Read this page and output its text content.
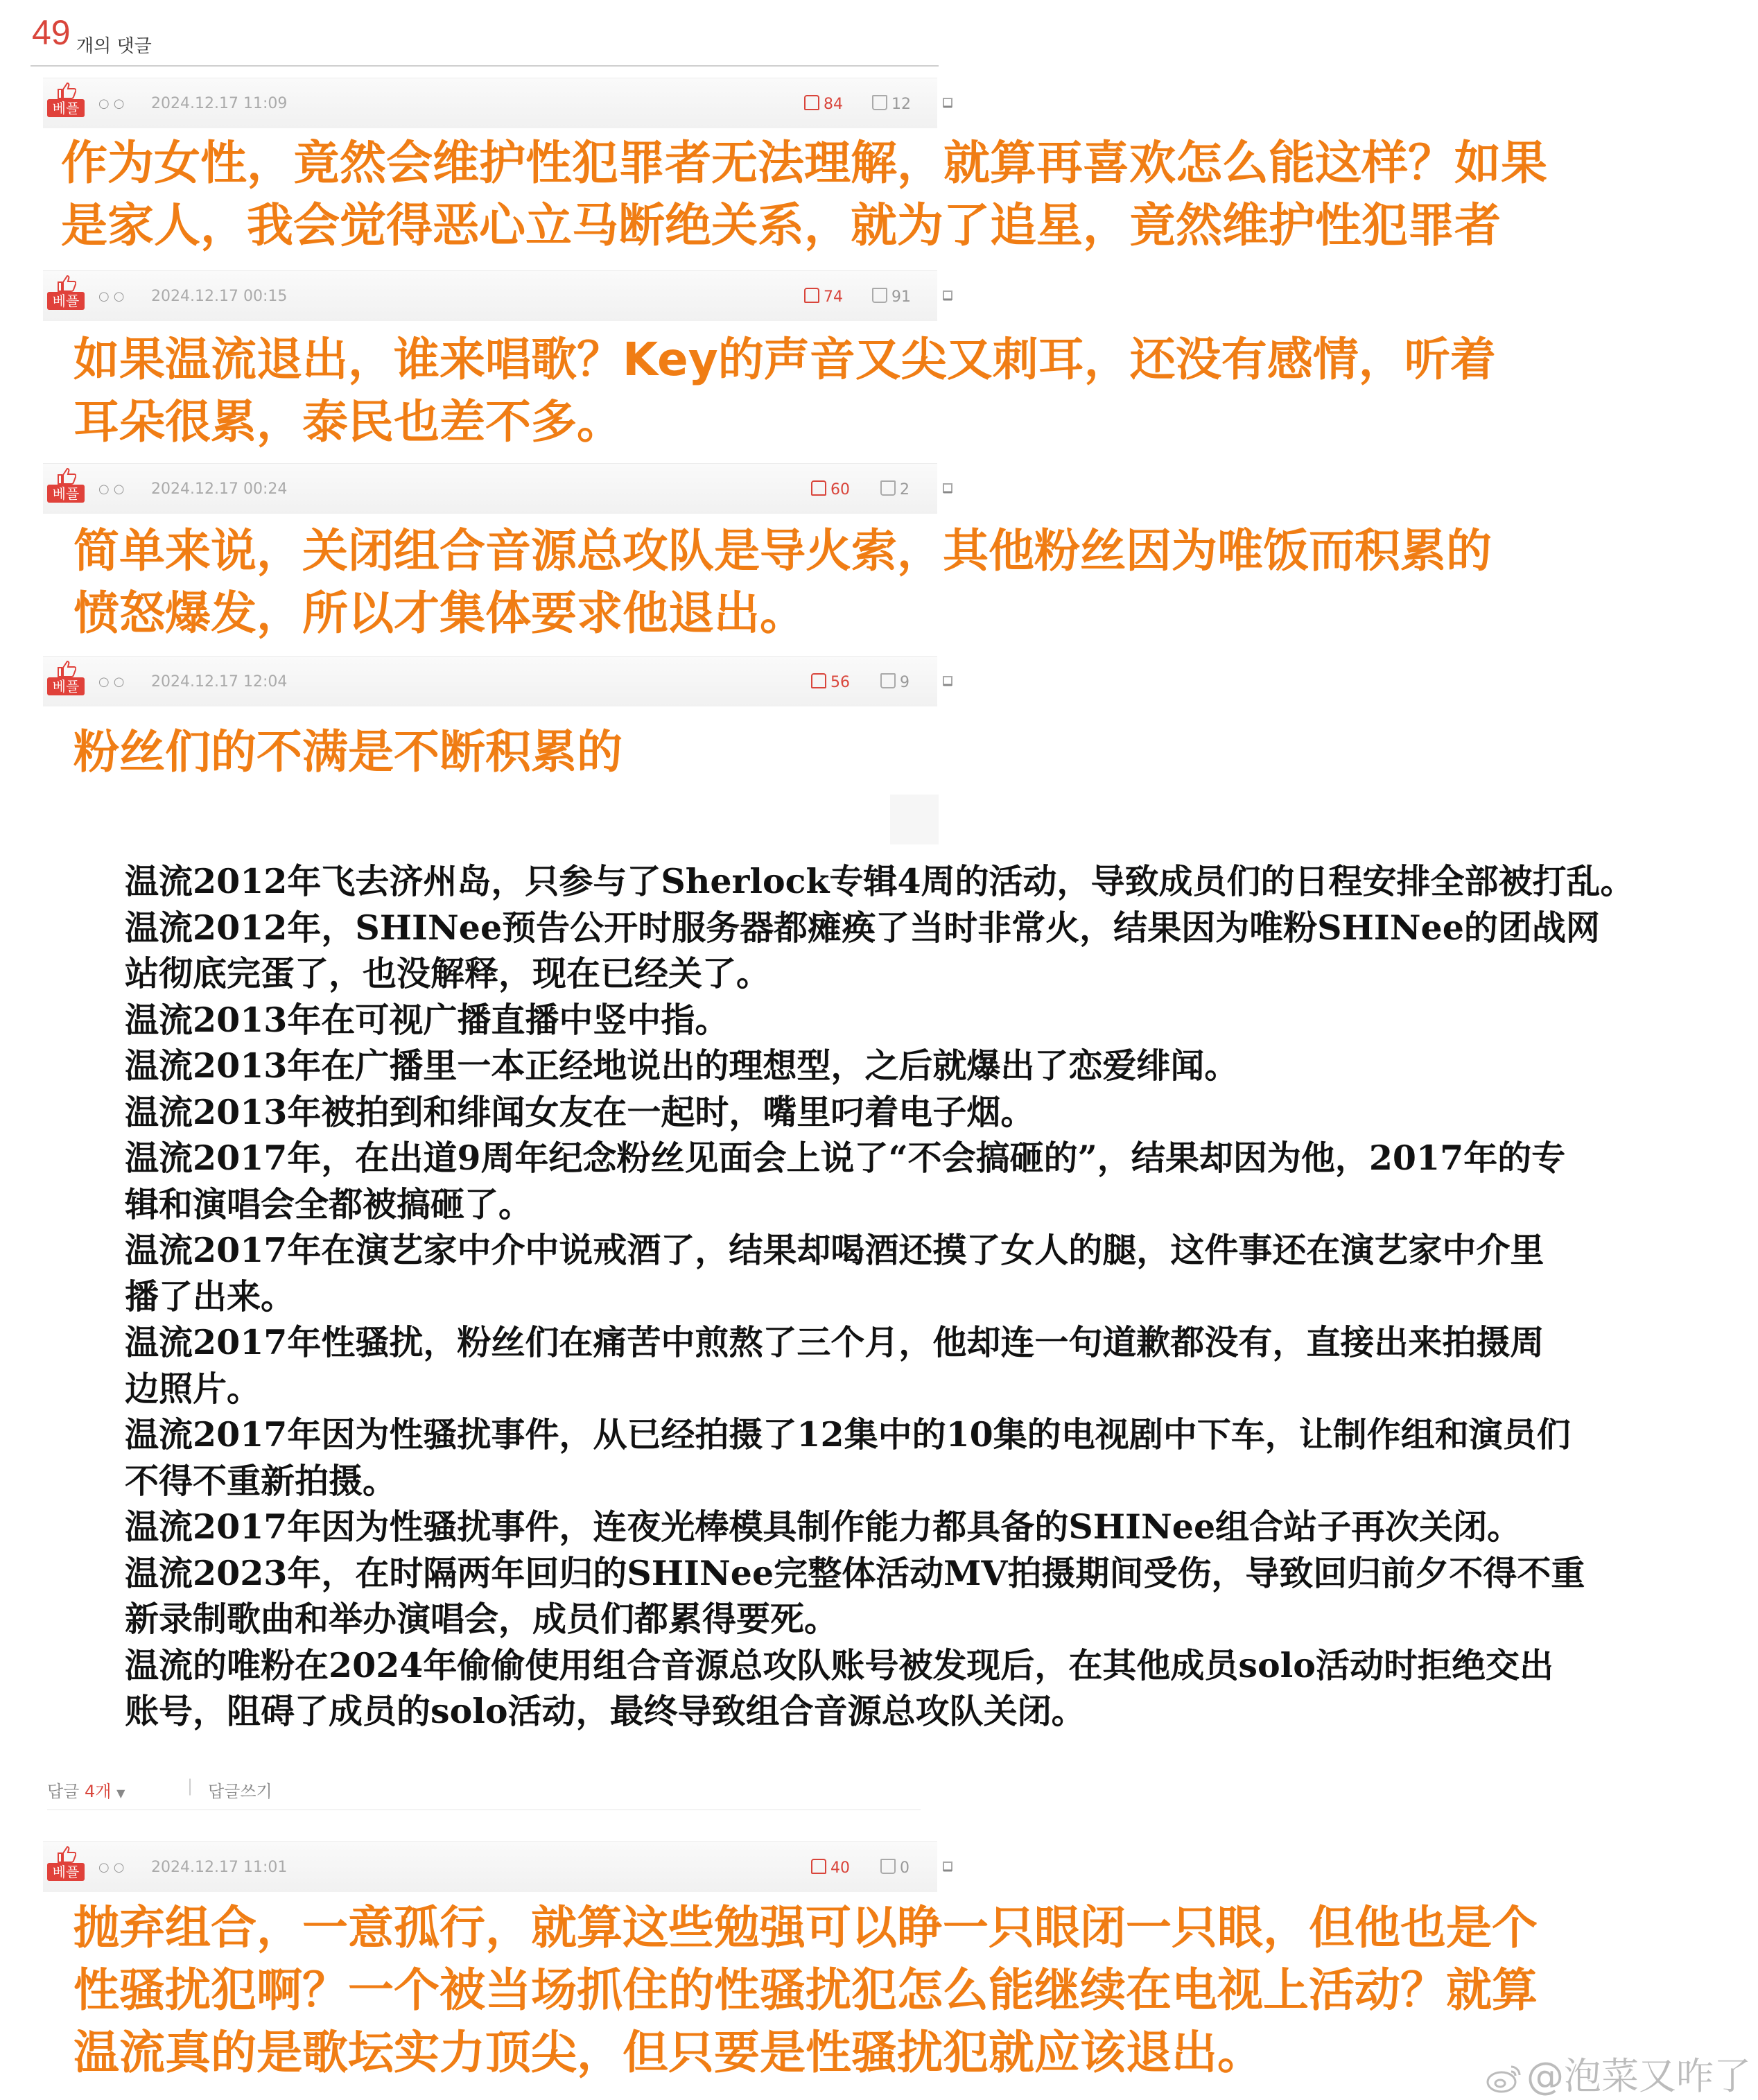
49 개의 댓글
베플	○○ 2024.12.17 11:09	84	12
作为女性，竟然会维护性犯罪者无法理解，就算再喜欢怎么能这样？如果
是家人，我会觉得恶心立马断绝关系，就为了追星，竟然维护性犯罪者
베플	○○ 2024.12.17 00:15	74	91
如果温流退出，谁来唱歌？Key的声音又尖又刺耳，还没有感情，听着
耳朵很累，泰民也差不多。
베플	○○ 2024.12.17 00:24	60	2
简单来说，关闭组合音源总攻队是导火索，其他粉丝因为唯饭而积累的
愤怒爆发，所以才集体要求他退出。
베플	○○ 2024.12.17 12:04	56	9
粉丝们的不满是不断积累的
温流2012年飞去济州岛，只参与了Sherlock专辑4周的活动，导致成员们的日程安排全部被打乱。
温流2012年，SHINee预告公开时服务器都瘫痪了当时非常火，结果因为唯粉SHINee的团战网
站彻底完蛋了，也没解释，现在已经关了。
温流2013年在可视广播直播中竖中指。
温流2013年在广播里一本正经地说出的理想型，之后就爆出了恋爱绯闻。
温流2013年被拍到和绯闻女友在一起时，嘴里叼着电子烟。
温流2017年，在出道9周年纪念粉丝见面会上说了“不会搞砸的”，结果却因为他，2017年的专
辑和演唱会全都被搞砸了。
温流2017年在演艺家中介中说戒酒了，结果却喝酒还摸了女人的腿，这件事还在演艺家中介里
播了出来。
温流2017年性骚扰，粉丝们在痛苦中煎熬了三个月，他却连一句道歉都没有，直接出来拍摄周
边照片。
温流2017年因为性骚扰事件，从已经拍摄了12集中的10集的电视剧中下车，让制作组和演员们
不得不重新拍摄。
温流2017年因为性骚扰事件，连夜光棒模具制作能力都具备的SHINee组合站子再次关闭。
温流2023年，在时隔两年回归的SHINee完整体活动MV拍摄期间受伤，导致回归前夕不得不重
新录制歌曲和举办演唱会，成员们都累得要死。
温流的唯粉在2024年偷偷使用组合音源总攻队账号被发现后，在其他成员solo活动时拒绝交出
账号，阻碍了成员的solo活动，最终导致组合音源总攻队关闭。
답글 4개 ▼	| 답글쓰기
베플	○○ 2024.12.17 11:01	40	0
抛弃组合，一意孤行，就算这些勉强可以睁一只眼闭一只眼，但他也是个
性骚扰犯啊？一个被当场抓住的性骚扰犯怎么能继续在电视上活动？就算
温流真的是歌坛实力顶尖，但只要是性骚扰犯就应该退出。	@泡菜又咋了
